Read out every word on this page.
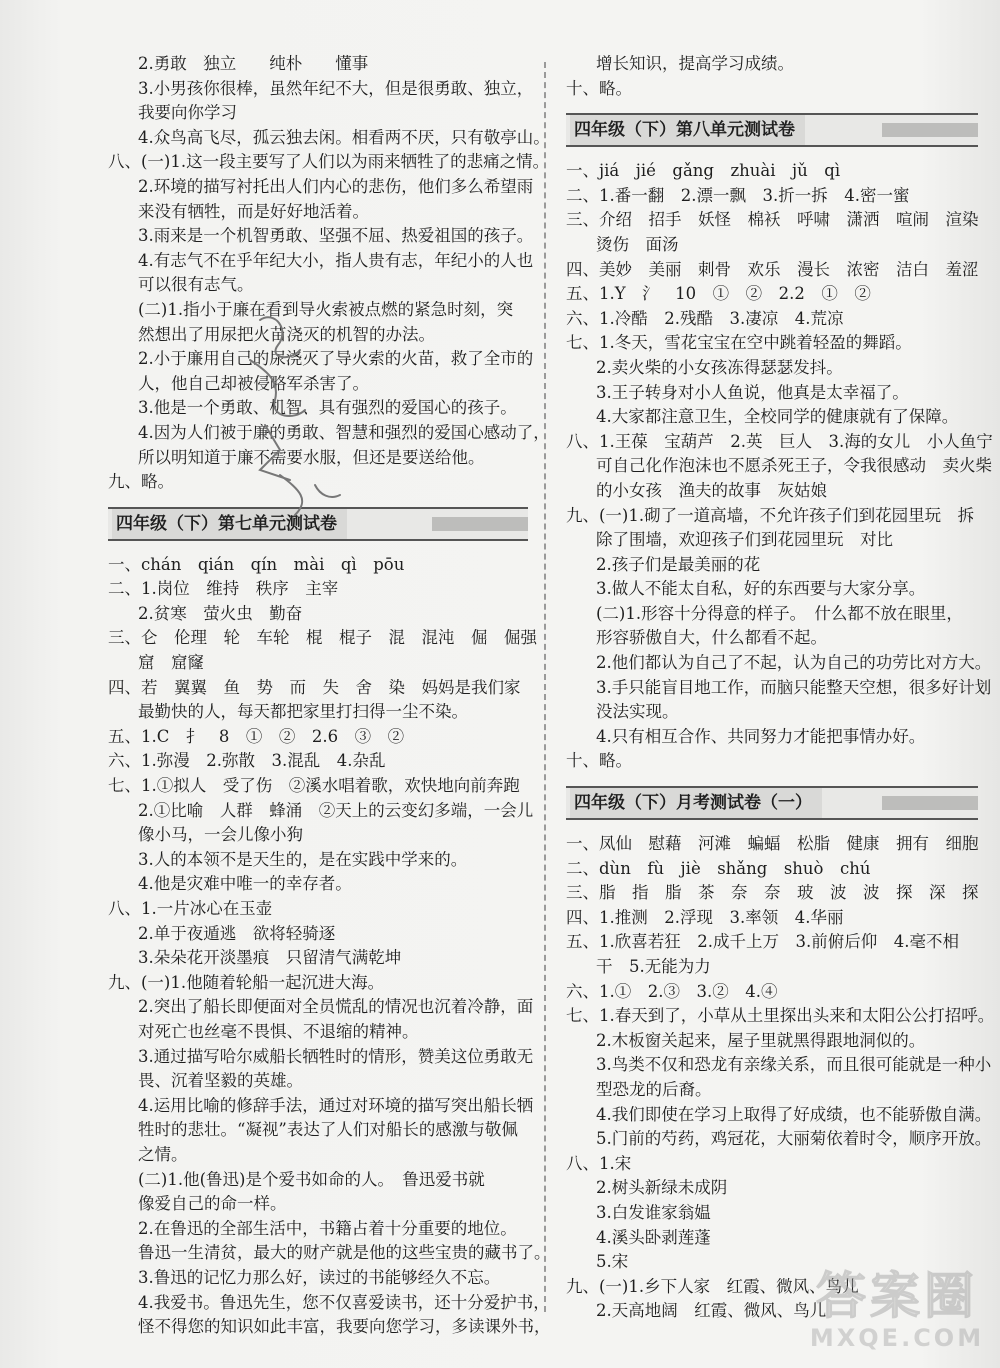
2.勇敢　独立　　纯朴　　懂事
3.小男孩你很棒，虽然年纪不大，但是很勇敢、独立，
我要向你学习
4.众鸟高飞尽，孤云独去闲。相看两不厌，只有敬亭山。
八、(一)1.这一段主要写了人们以为雨来牺牲了的悲痛之情。
2.环境的描写衬托出人们内心的悲伤，他们多么希望雨
来没有牺牲，而是好好地活着。
3.雨来是一个机智勇敢、坚强不屈、热爱祖国的孩子。
4.有志气不在乎年纪大小，指人贵有志，年纪小的人也
可以很有志气。
(二)1.指小于廉在看到导火索被点燃的紧急时刻，突
然想出了用尿把火苗浇灭的机智的办法。
2.小于廉用自己的尿浇灭了导火索的火苗，救了全市的
人，他自己却被侵略军杀害了。
3.他是一个勇敢、机智、具有强烈的爱国心的孩子。
4.因为人们被于廉的勇敢、智慧和强烈的爱国心感动了，
所以明知道于廉不需要水服，但还是要送给他。
九、略。
四年级（下）第七单元测试卷
一、chán　qián　qín　mài　qì　pōu
二、1.岗位　维持　秩序　主宰
2.贫寒　萤火虫　勤奋
三、仑　伦理　轮　车轮　棍　棍子　混　混沌　倔　倔强
窟　窟窿
四、若　翼翼　鱼　势　而　失　舍　染　妈妈是我们家
最勤快的人，每天都把家里打扫得一尘不染。
五、1.C　扌　8　①　②　2.6　③　②
六、1.弥漫　2.弥散　3.混乱　4.杂乱
七、1.①拟人　受了伤　②溪水唱着歌，欢快地向前奔跑
2.①比喻　人群　蜂涌　②天上的云变幻多端，一会儿
像小马，一会儿像小狗
3.人的本领不是天生的，是在实践中学来的。
4.他是灾难中唯一的幸存者。
八、1.一片冰心在玉壶
2.单于夜遁逃　欲将轻骑逐
3.朵朵花开淡墨痕　只留清气满乾坤
九、(一)1.他随着轮船一起沉进大海。
2.突出了船长即便面对全员慌乱的情况也沉着冷静，面
对死亡也丝毫不畏惧、不退缩的精神。
3.通过描写哈尔威船长牺牲时的情形，赞美这位勇敢无
畏、沉着坚毅的英雄。
4.运用比喻的修辞手法，通过对环境的描写突出船长牺
牲时的悲壮。“凝视”表达了人们对船长的感激与敬佩
之情。
(二)1.他(鲁迅)是个爱书如命的人。　鲁迅爱书就
像爱自己的命一样。
2.在鲁迅的全部生活中，书籍占着十分重要的地位。
鲁迅一生清贫，最大的财产就是他的这些宝贵的藏书了。
3.鲁迅的记忆力那么好，读过的书能够经久不忘。
4.我爱书。鲁迅先生，您不仅喜爱读书，还十分爱护书，
怪不得您的知识如此丰富，我要向您学习，多读课外书，
增长知识，提高学习成绩。
十、略。
四年级（下）第八单元测试卷
一、jiá　jié　gǎng　zhuài　jǔ　qì
二、1.番一翻　2.漂一飘　3.折一拆　4.密一蜜
三、介绍　招手　妖怪　棉袄　呼啸　潇洒　喧闹　渲染
烫伤　面汤
四、美妙　美丽　刺骨　欢乐　漫长　浓密　洁白　羞涩
五、1.Y　氵　10　①　②　2.2　①　②
六、1.冷酷　2.残酷　3.凄凉　4.荒凉
七、1.冬天，雪花宝宝在空中跳着轻盈的舞蹈。
2.卖火柴的小女孩冻得瑟瑟发抖。
3.王子转身对小人鱼说，他真是太幸福了。
4.大家都注意卫生，全校同学的健康就有了保障。
八、1.王葆　宝葫芦　2.英　巨人　3.海的女儿　小人鱼宁
可自己化作泡沫也不愿杀死王子，令我很感动　卖火柴
的小女孩　渔夫的故事　灰姑娘
九、(一)1.砌了一道高墙，不允许孩子们到花园里玩　拆
除了围墙，欢迎孩子们到花园里玩　对比
2.孩子们是最美丽的花
3.做人不能太自私，好的东西要与大家分享。
(二)1.形容十分得意的样子。　什么都不放在眼里，
形容骄傲自大，什么都看不起。
2.他们都认为自己了不起，认为自己的功劳比对方大。
3.手只能盲目地工作，而脑只能整天空想，很多好计划
没法实现。
4.只有相互合作、共同努力才能把事情办好。
十、略。
四年级（下）月考测试卷（一）
一、凤仙　慰藉　河滩　蝙蝠　松脂　健康　拥有　细胞
二、dùn　fù　jiè　shǎng　shuò　chú
三、脂　指　脂　茶　奈　奈　玻　波　波　探　深　探
四、1.推测　2.浮现　3.率领　4.华丽
五、1.欣喜若狂　2.成千上万　3.前俯后仰　4.毫不相
干　5.无能为力
六、1.①　2.③　3.②　4.④
七、1.春天到了，小草从土里探出头来和太阳公公打招呼。
2.木板窗关起来，屋子里就黑得跟地洞似的。
3.鸟类不仅和恐龙有亲缘关系，而且很可能就是一种小
型恐龙的后裔。
4.我们即使在学习上取得了好成绩，也不能骄傲自满。
5.门前的芍药，鸡冠花，大丽菊依着时令，顺序开放。
八、1.宋
2.树头新绿未成阴
3.白发谁家翁媪
4.溪头卧剥莲蓬
5.宋
九、(一)1.乡下人家　红霞、微风、鸟儿
2.天高地阔　红霞、微风、鸟儿
答案圈
MXQE.COM
